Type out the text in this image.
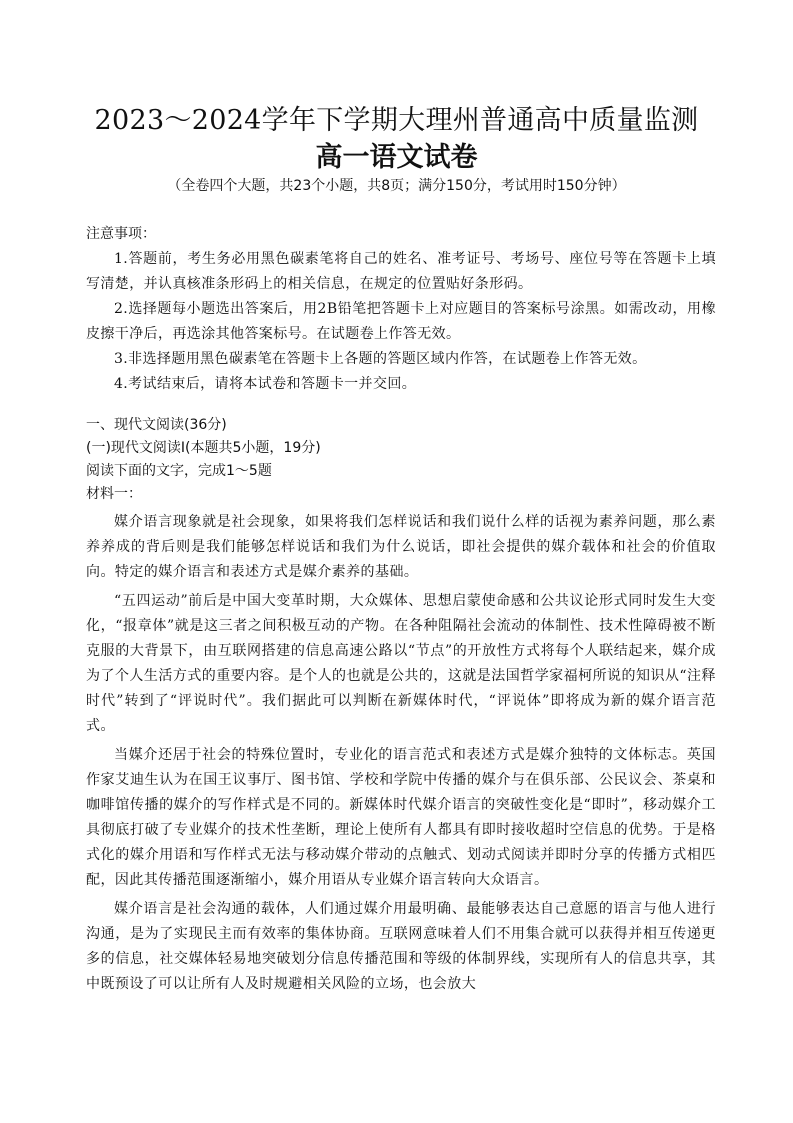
2023～2024学年下学期大理州普通高中质量监测
高一语文试卷
（全卷四个大题，共23个小题，共8页；满分150分，考试用时150分钟）
注意事项：

1.答题前，考生务必用黑色碳素笔将自己的姓名、准考证号、考场号、座位号等在答题卡上填写清楚，并认真核准条形码上的相关信息，在规定的位置贴好条形码。

2.选择题每小题选出答案后，用2B铅笔把答题卡上对应题目的答案标号涂黑。如需改动，用橡皮擦干净后，再选涂其他答案标号。在试题卷上作答无效。

3.非选择题用黑色碳素笔在答题卡上各题的答题区域内作答，在试题卷上作答无效。

4.考试结束后，请将本试卷和答题卡一并交回。

一、现代文阅读(36分)
(一)现代文阅读Ⅰ(本题共5小题，19分)
阅读下面的文字，完成1～5题
材料一：

媒介语言现象就是社会现象，如果将我们怎样说话和我们说什么样的话视为素养问题，那么素养养成的背后则是我们能够怎样说话和我们为什么说话，即社会提供的媒介载体和社会的价值取向。特定的媒介语言和表述方式是媒介素养的基础。

“五四运动”前后是中国大变革时期，大众媒体、思想启蒙使命感和公共议论形式同时发生大变化，“报章体”就是这三者之间积极互动的产物。在各种阻隔社会流动的体制性、技术性障碍被不断克服的大背景下，由互联网搭建的信息高速公路以“节点”的开放性方式将每个人联结起来，媒介成为了个人生活方式的重要内容。是个人的也就是公共的，这就是法国哲学家福柯所说的知识从“注释时代”转到了“评说时代”。我们据此可以判断在新媒体时代，“评说体”即将成为新的媒介语言范式。

当媒介还居于社会的特殊位置时，专业化的语言范式和表述方式是媒介独特的文体标志。英国作家艾迪生认为在国王议事厅、图书馆、学校和学院中传播的媒介与在俱乐部、公民议会、茶桌和咖啡馆传播的媒介的写作样式是不同的。新媒体时代媒介语言的突破性变化是“即时”，移动媒介工具彻底打破了专业媒介的技术性垄断，理论上使所有人都具有即时接收超时空信息的优势。于是格式化的媒介用语和写作样式无法与移动媒介带动的点触式、划动式阅读并即时分享的传播方式相匹配，因此其传播范围逐渐缩小，媒介用语从专业媒介语言转向大众语言。

媒介语言是社会沟通的载体，人们通过媒介用最明确、最能够表达自己意愿的语言与他人进行沟通，是为了实现民主而有效率的集体协商。互联网意味着人们不用集合就可以获得并相互传递更多的信息，社交媒体轻易地突破划分信息传播范围和等级的体制界线，实现所有人的信息共享，其中既预设了可以让所有人及时规避相关风险的立场，也会放大
